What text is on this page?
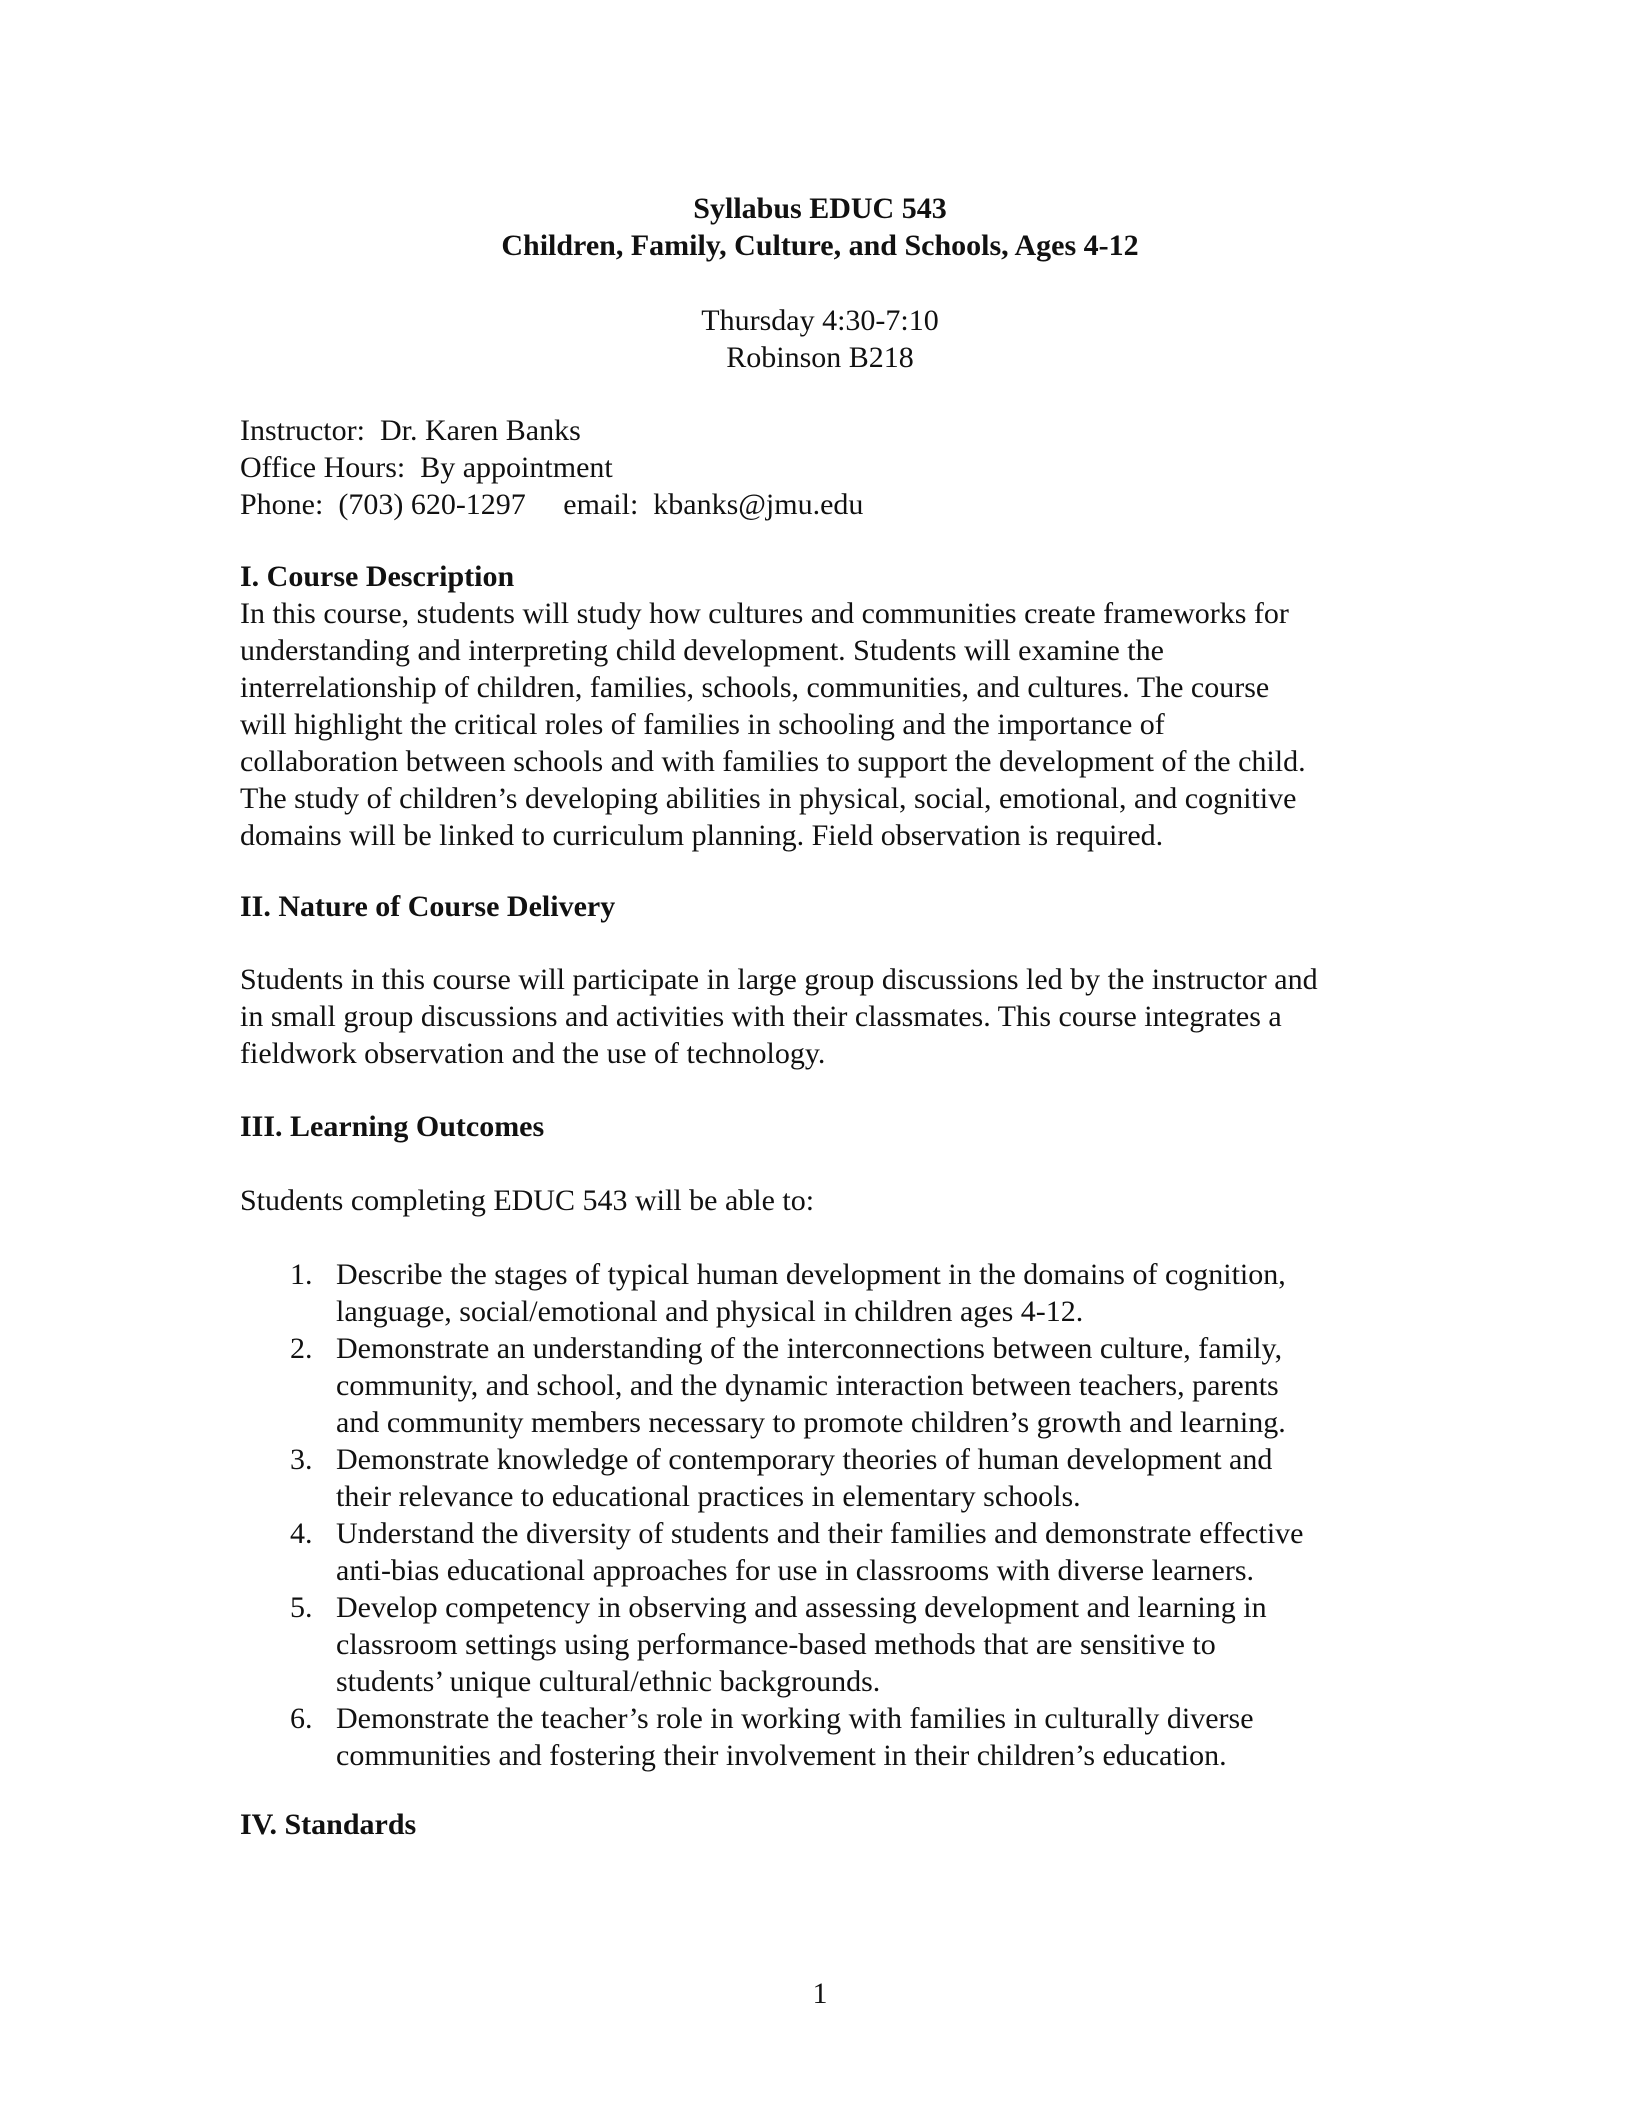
Syllabus EDUC 543
Children, Family, Culture, and Schools, Ages 4-12
Thursday 4:30-7:10
Robinson B218
Instructor:  Dr. Karen Banks
Office Hours:  By appointment
Phone:  (703) 620-1297     email:  kbanks@jmu.edu
I. Course Description
In this course, students will study how cultures and communities create frameworks for
understanding and interpreting child development. Students will examine the
interrelationship of children, families, schools, communities, and cultures. The course
will highlight the critical roles of families in schooling and the importance of
collaboration between schools and with families to support the development of the child.
The study of children’s developing abilities in physical, social, emotional, and cognitive
domains will be linked to curriculum planning. Field observation is required.
II. Nature of Course Delivery
Students in this course will participate in large group discussions led by the instructor and
in small group discussions and activities with their classmates. This course integrates a
fieldwork observation and the use of technology.
III. Learning Outcomes
Students completing EDUC 543 will be able to:
1. Describe the stages of typical human development in the domains of cognition,
language, social/emotional and physical in children ages 4-12.
2. Demonstrate an understanding of the interconnections between culture, family,
community, and school, and the dynamic interaction between teachers, parents
and community members necessary to promote children’s growth and learning.
3. Demonstrate knowledge of contemporary theories of human development and
their relevance to educational practices in elementary schools.
4. Understand the diversity of students and their families and demonstrate effective
anti-bias educational approaches for use in classrooms with diverse learners.
5. Develop competency in observing and assessing development and learning in
classroom settings using performance-based methods that are sensitive to
students’ unique cultural/ethnic backgrounds.
6. Demonstrate the teacher’s role in working with families in culturally diverse
communities and fostering their involvement in their children’s education.
IV. Standards
1
